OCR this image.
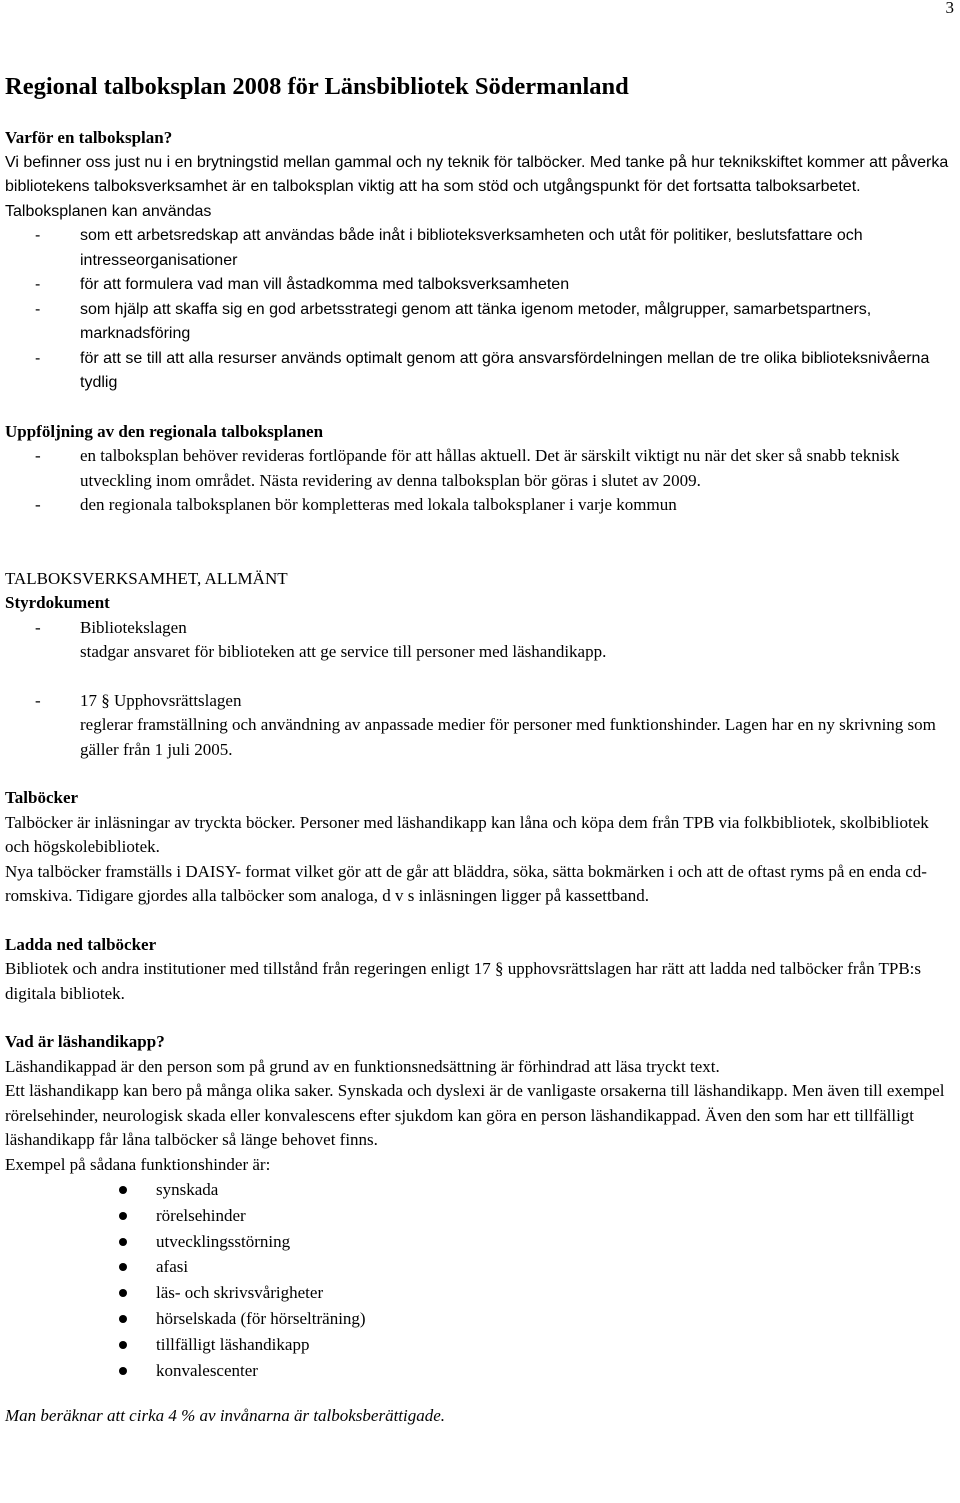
3
Regional talboksplan 2008 för Länsbibliotek Södermanland

Varför en talboksplan?

Vi befinner oss just nu i en brytningstid mellan gammal och ny teknik för talböcker. Med tanke på hur teknikskiftet kommer att påverka bibliotekens talboksverksamhet är en talboksplan viktig att ha som stöd och utgångspunkt för det fortsatta talboksarbetet.

Talboksplanen kan användas

- som ett arbetsredskap att användas både inåt i biblioteksverksamheten och utåt för politiker, beslutsfattare och intresseorganisationer
- för att formulera vad man vill åstadkomma med talboksverksamheten
- som hjälp att skaffa sig en god arbetsstrategi genom att tänka igenom metoder, målgrupper, samarbetspartners, marknadsföring
- för att se till att alla resurser används optimalt genom att göra ansvarsfördelningen mellan de tre olika biblioteksnivåerna tydlig

Uppföljning av den regionala talboksplanen

- en talboksplan behöver revideras fortlöpande för att hållas aktuell. Det är särskilt viktigt nu när det sker så snabb teknisk utveckling inom området. Nästa revidering av denna talboksplan bör göras i slutet av 2009.
- den regionala talboksplanen bör kompletteras med lokala talboksplaner i varje kommun

TALBOKSVERKSAMHET, ALLMÄNT

Styrdokument

- Bibliotekslagen
stadgar ansvaret för biblioteken att ge service till personer med läshandikapp.
- 17 § Upphovsrättslagen
reglerar framställning och användning av anpassade medier för personer med funktionshinder. Lagen har en ny skrivning som gäller från 1 juli 2005.

Talböcker

Talböcker är inläsningar av tryckta böcker. Personer med läshandikapp kan låna och köpa dem från TPB via folkbibliotek, skolbibliotek och högskolebibliotek.

Nya talböcker framställs i DAISY- format vilket gör att de går att bläddra, söka, sätta bokmärken i och att de oftast ryms på en enda cd-romskiva. Tidigare gjordes alla talböcker som analoga, d v s inläsningen ligger på kassettband.

Ladda ned talböcker

Bibliotek och andra institutioner med tillstånd från regeringen enligt 17 § upphovsrättslagen har rätt att ladda ned talböcker från TPB:s digitala bibliotek.

Vad är läshandikapp?

Läshandikappad är den person som på grund av en funktionsnedsättning är förhindrad att läsa tryckt text.

Ett läshandikapp kan bero på många olika saker. Synskada och dyslexi är de vanligaste orsakerna till läshandikapp. Men även till exempel rörelsehinder, neurologisk skada eller konvalescens efter sjukdom kan göra en person läshandikappad. Även den som har ett tillfälligt läshandikapp får låna talböcker så länge behovet finns.

Exempel på sådana funktionshinder är:

synskada
rörelsehinder
utvecklingsstörning
afasi
läs- och skrivsvårigheter
hörselskada (för hörselträning)
tillfälligt läshandikapp
konvalescenter

Man beräknar att cirka 4 % av invånarna är talboksberättigade.
